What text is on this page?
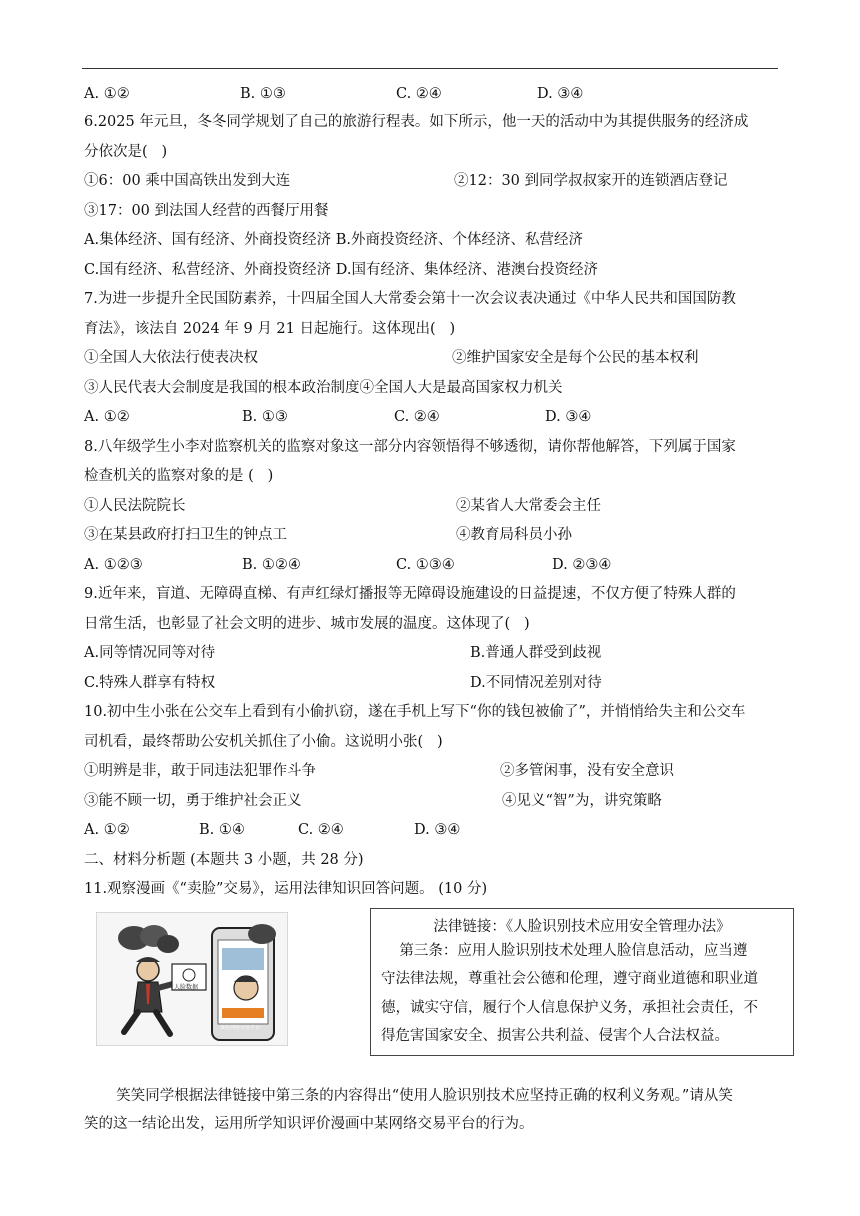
A. ①②	B. ①③	C. ②④	D. ③④
6.2025 年元旦，冬冬同学规划了自己的旅游行程表。如下所示，他一天的活动中为其提供服务的经济成
分依次是(   )
①6：00 乘中国高铁出发到大连	②12：30 到同学叔叔家开的连锁酒店登记
③17：00 到法国人经营的西餐厅用餐
A.集体经济、国有经济、外商投资经济 B.外商投资经济、个体经济、私营经济
C.国有经济、私营经济、外商投资经济 D.国有经济、集体经济、港澳台投资经济
7.为进一步提升全民国防素养，十四届全国人大常委会第十一次会议表决通过《中华人民共和国国防教
育法》，该法自 2024 年 9 月 21 日起施行。这体现出(   )
①全国人大依法行使表决权	②维护国家安全是每个公民的基本权利
③人民代表大会制度是我国的根本政治制度④全国人大是最高国家权力机关
A. ①②	B. ①③	C. ②④	D. ③④
8.八年级学生小李对监察机关的监察对象这一部分内容领悟得不够透彻，请你帮他解答，下列属于国家
检查机关的监察对象的是 (   )
①人民法院院长	②某省人大常委会主任
③在某县政府打扫卫生的钟点工	④教育局科员小孙
A. ①②③	B. ①②④	C. ①③④	D. ②③④
9.近年来，盲道、无障碍直梯、有声红绿灯播报等无障碍设施建设的日益提速，不仅方便了特殊人群的
日常生活，也彰显了社会文明的进步、城市发展的温度。这体现了(   )
A.同等情况同等对待	B.普通人群受到歧视
C.特殊人群享有特权	D.不同情况差别对待
10.初中生小张在公交车上看到有小偷扒窃，遂在手机上写下“你的钱包被偷了”，并悄悄给失主和公交车
司机看，最终帮助公安机关抓住了小偷。这说明小张(   )
①明辨是非，敢于同违法犯罪作斗争	②多管闲事，没有安全意识
③能不顾一切，勇于维护社会正义	④见义“智”为，讲究策略
A. ①②	B. ①④	C. ②④	D. ③④
二、材料分析题 (本题共 3 小题，共 28 分)
11.观察漫画《“卖脸”交易》，运用法律知识回答问题。 (10 分)
人脸数据
某色网络交易平台
法律链接：《人脸识别技术应用安全管理办法》
第三条：应用人脸识别技术处理人脸信息活动，应当遵
守法律法规，尊重社会公德和伦理，遵守商业道德和职业道
德，诚实守信，履行个人信息保护义务，承担社会责任，不
得危害国家安全、损害公共利益、侵害个人合法权益。
笑笑同学根据法律链接中第三条的内容得出“使用人脸识别技术应坚持正确的权利义务观。”请从笑
笑的这一结论出发，运用所学知识评价漫画中某网络交易平台的行为。
